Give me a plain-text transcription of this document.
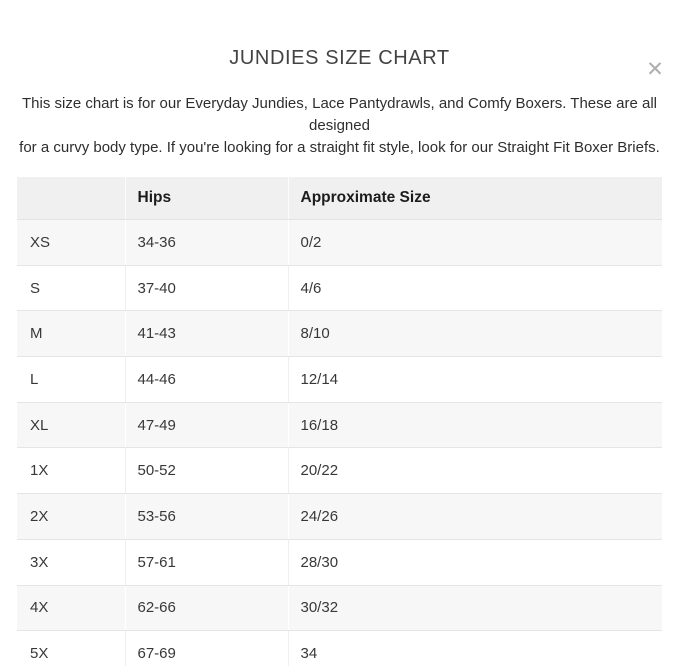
✕
JUNDIES SIZE CHART

This size chart is for our Everyday Jundies, Lace Pantydrawls, and Comfy Boxers. These are all designed
for a curvy body type. If you're looking for a straight fit style, look for our Straight Fit Boxer Briefs.

	Hips	Approximate Size
XS	34-36	0/2
S	37-40	4/6
M	41-43	8/10
L	44-46	12/14
XL	47-49	16/18
1X	50-52	20/22
2X	53-56	24/26
3X	57-61	28/30
4X	62-66	30/32
5X	67-69	34
